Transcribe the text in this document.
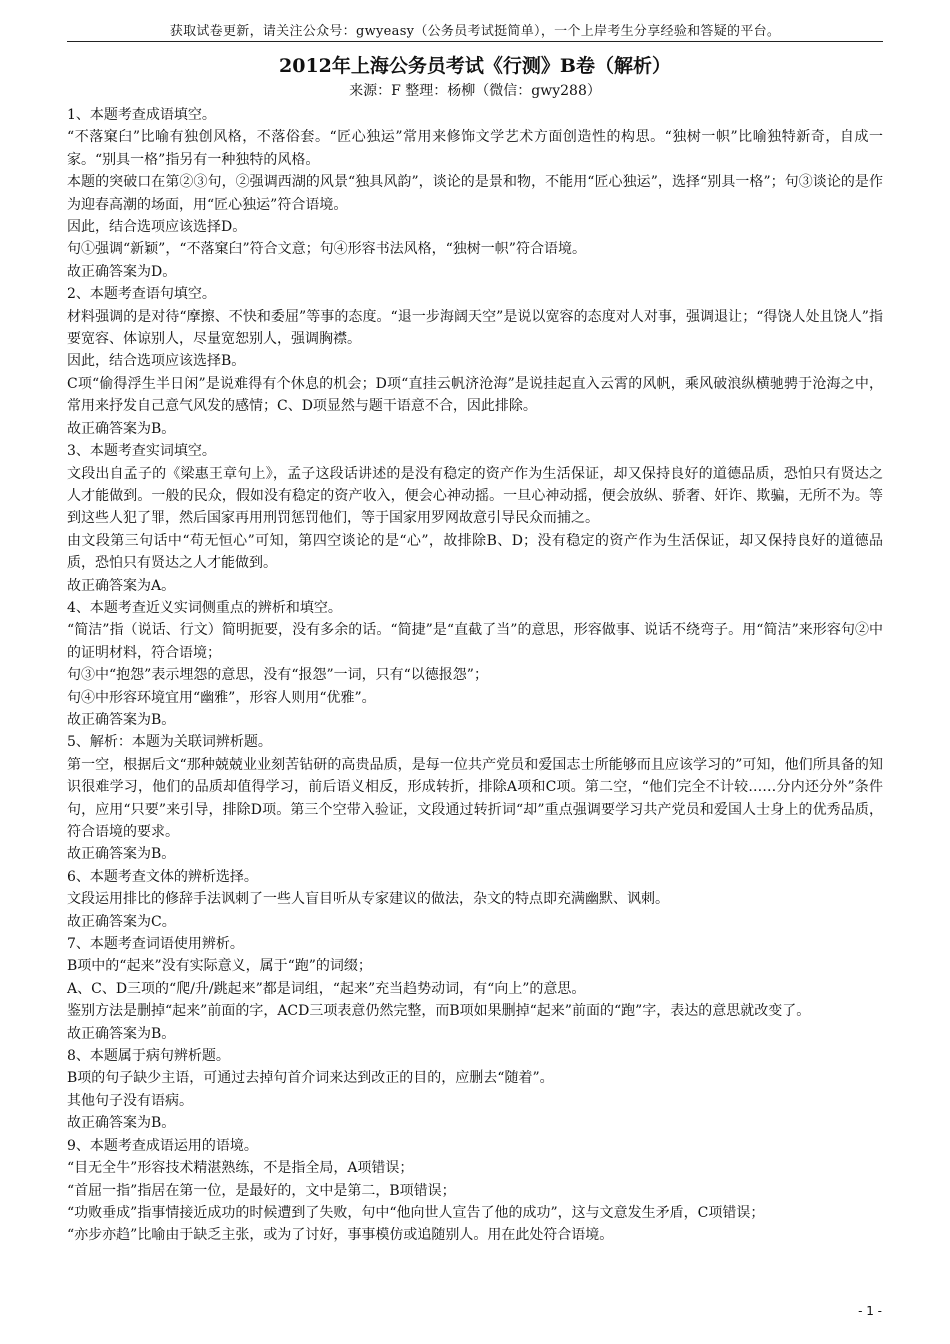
获取试卷更新，请关注公众号：gwyeasy（公务员考试挺简单），一个上岸考生分享经验和答疑的平台。
2012年上海公务员考试《行测》B卷（解析）
来源：F 整理：杨柳（微信：gwy288）

1、本题考查成语填空。

“不落窠臼”比喻有独创风格，不落俗套。“匠心独运”常用来修饰文学艺术方面创造性的构思。“独树一帜”比喻独特新奇，自成一家。“别具一格”指另有一种独特的风格。

本题的突破口在第②③句，②强调西湖的风景“独具风韵”，谈论的是景和物，不能用“匠心独运”，选择“别具一格”；句③谈论的是作为迎春高潮的场面，用“匠心独运”符合语境。

因此，结合选项应该选择D。

句①强调“新颖”，“不落窠臼”符合文意；句④形容书法风格，“独树一帜”符合语境。

故正确答案为D。

2、本题考查语句填空。

材料强调的是对待“摩擦、不快和委屈”等事的态度。“退一步海阔天空”是说以宽容的态度对人对事，强调退让；“得饶人处且饶人”指要宽容、体谅别人，尽量宽恕别人，强调胸襟。

因此，结合选项应该选择B。

C项“偷得浮生半日闲”是说难得有个休息的机会；D项“直挂云帆济沧海”是说挂起直入云霄的风帆，乘风破浪纵横驰骋于沧海之中，常用来抒发自己意气风发的感情；C、D项显然与题干语意不合，因此排除。

故正确答案为B。

3、本题考查实词填空。

文段出自孟子的《梁惠王章句上》，孟子这段话讲述的是没有稳定的资产作为生活保证，却又保持良好的道德品质，恐怕只有贤达之人才能做到。一般的民众，假如没有稳定的资产收入，便会心神动摇。一旦心神动摇，便会放纵、骄奢、奸诈、欺骗，无所不为。等到这些人犯了罪，然后国家再用刑罚惩罚他们，等于国家用罗网故意引导民众而捕之。

由文段第三句话中“苟无恒心”可知，第四空谈论的是“心”，故排除B、D；没有稳定的资产作为生活保证，却又保持良好的道德品质，恐怕只有贤达之人才能做到。

故正确答案为A。

4、本题考查近义实词侧重点的辨析和填空。

“简洁”指（说话、行文）简明扼要，没有多余的话。“简捷”是“直截了当”的意思，形容做事、说话不绕弯子。用“简洁”来形容句②中的证明材料，符合语境；

句③中“抱怨”表示埋怨的意思，没有“报怨”一词，只有“以德报怨”；

句④中形容环境宜用“幽雅”，形容人则用“优雅”。

故正确答案为B。

5、解析：本题为关联词辨析题。

第一空，根据后文“那种兢兢业业刻苦钻研的高贵品质，是每一位共产党员和爱国志士所能够而且应该学习的”可知，他们所具备的知识很难学习，他们的品质却值得学习，前后语义相反，形成转折，排除A项和C项。第二空，“他们完全不计较……分内还分外”条件句，应用“只要”来引导，排除D项。第三个空带入验证，文段通过转折词“却”重点强调要学习共产党员和爱国人士身上的优秀品质，符合语境的要求。

故正确答案为B。

6、本题考查文体的辨析选择。

文段运用排比的修辞手法讽刺了一些人盲目听从专家建议的做法，杂文的特点即充满幽默、讽刺。

故正确答案为C。

7、本题考查词语使用辨析。

B项中的“起来”没有实际意义，属于“跑”的词缀；

A、C、D三项的“爬/升/跳起来”都是词组，“起来”充当趋势动词，有“向上”的意思。

鉴别方法是删掉“起来”前面的字，ACD三项表意仍然完整，而B项如果删掉“起来”前面的“跑”字，表达的意思就改变了。

故正确答案为B。

8、本题属于病句辨析题。

B项的句子缺少主语，可通过去掉句首介词来达到改正的目的，应删去“随着”。

其他句子没有语病。

故正确答案为B。

9、本题考查成语运用的语境。

“目无全牛”形容技术精湛熟练，不是指全局，A项错误；

“首屈一指”指居在第一位，是最好的，文中是第二，B项错误；

“功败垂成”指事情接近成功的时候遭到了失败，句中“他向世人宣告了他的成功”，这与文意发生矛盾，C项错误；

“亦步亦趋”比喻由于缺乏主张，或为了讨好，事事模仿或追随别人。用在此处符合语境。

- 1 -
